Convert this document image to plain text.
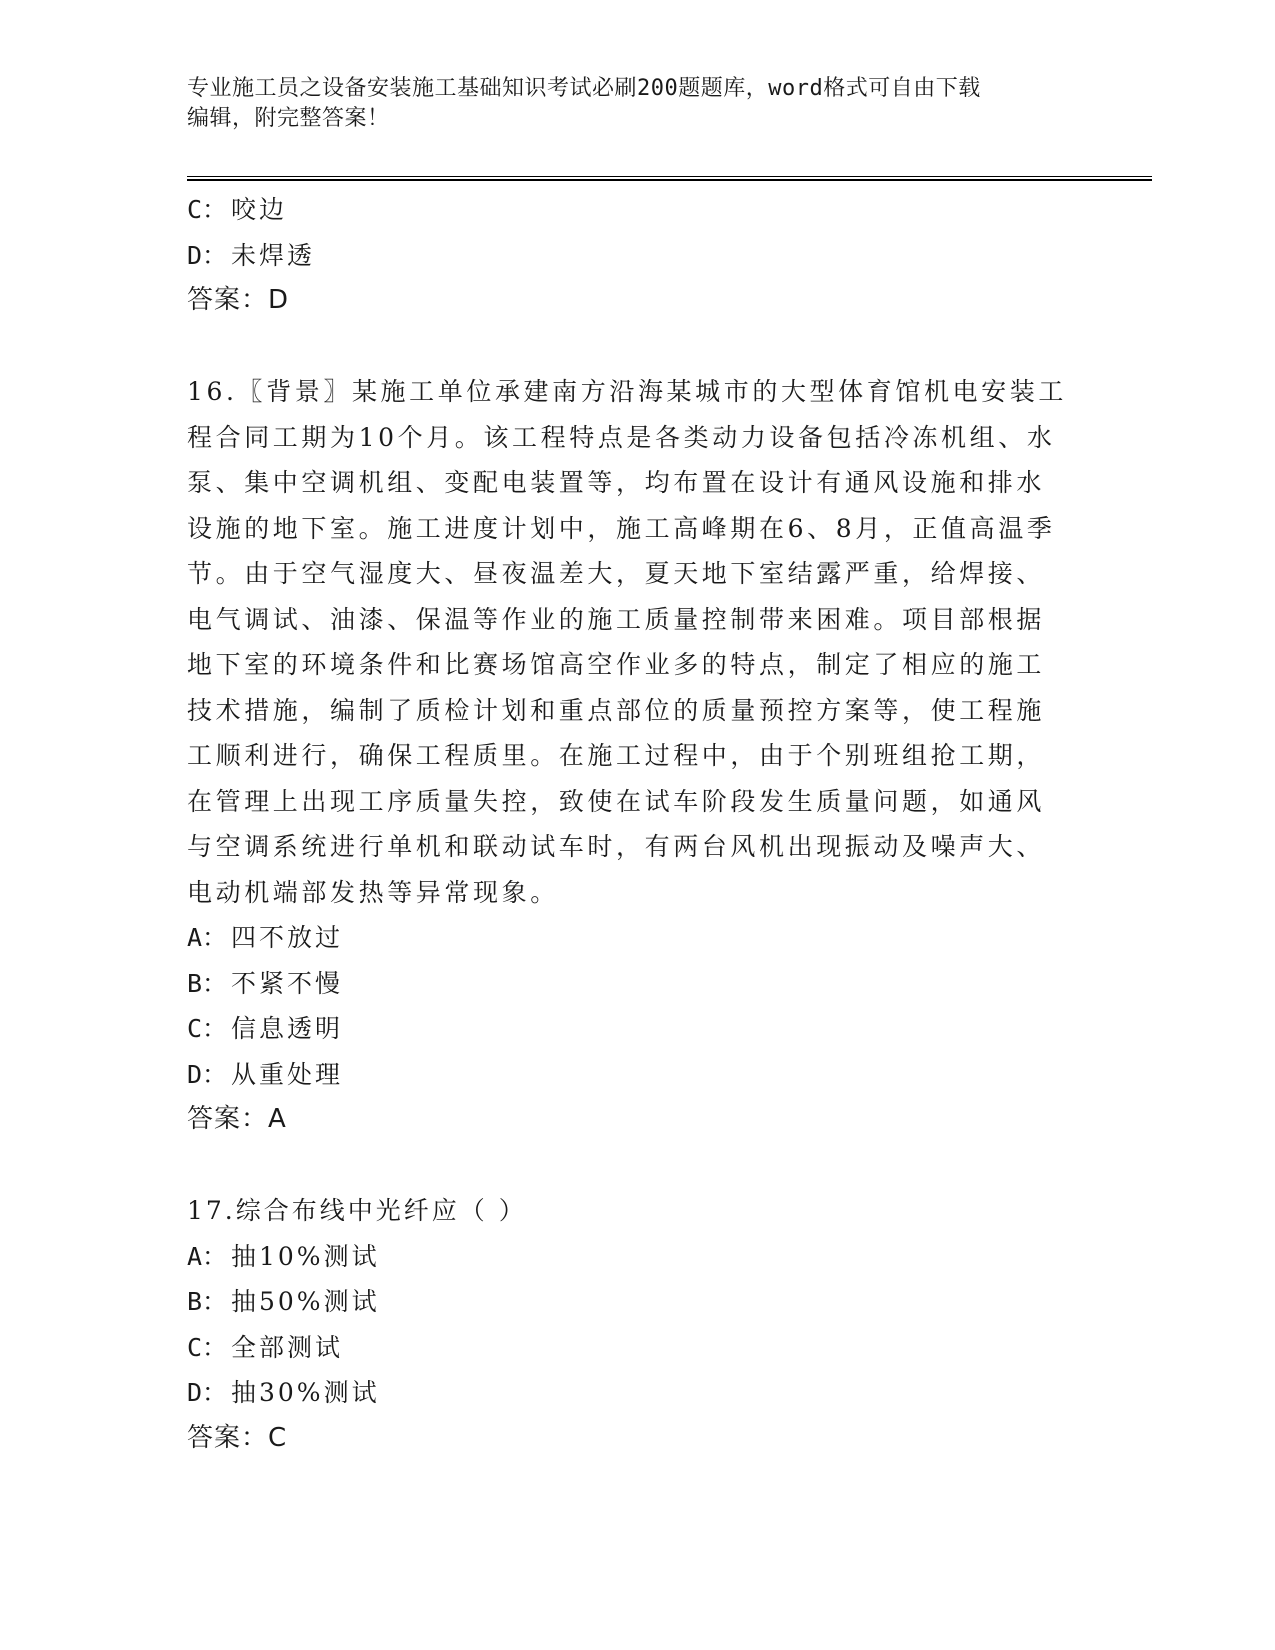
专业施工员之设备安装施工基础知识考试必刷200题题库，word格式可自由下载
编辑，附完整答案！
C： 咬边
D： 未焊透
答案：D
16.〖背景〗某施工单位承建南方沿海某城市的大型体育馆机电安装工
程合同工期为10个月。该工程特点是各类动力设备包括冷冻机组、水
泵、集中空调机组、变配电装置等，均布置在设计有通风设施和排水
设施的地下室。施工进度计划中，施工高峰期在6、8月，正值高温季
节。由于空气湿度大、昼夜温差大，夏天地下室结露严重，给焊接、
电气调试、油漆、保温等作业的施工质量控制带来困难。项目部根据
地下室的环境条件和比赛场馆高空作业多的特点，制定了相应的施工
技术措施，编制了质检计划和重点部位的质量预控方案等，使工程施
工顺利进行，确保工程质里。在施工过程中，由于个别班组抢工期，
在管理上出现工序质量失控，致使在试车阶段发生质量问题，如通风
与空调系统进行单机和联动试车时，有两台风机出现振动及噪声大、
电动机端部发热等异常现象。
A： 四不放过
B： 不紧不慢
C： 信息透明
D： 从重处理
答案：A
17.综合布线中光纤应（ ）
A： 抽10%测试
B： 抽50%测试
C： 全部测试
D： 抽30%测试
答案：C
